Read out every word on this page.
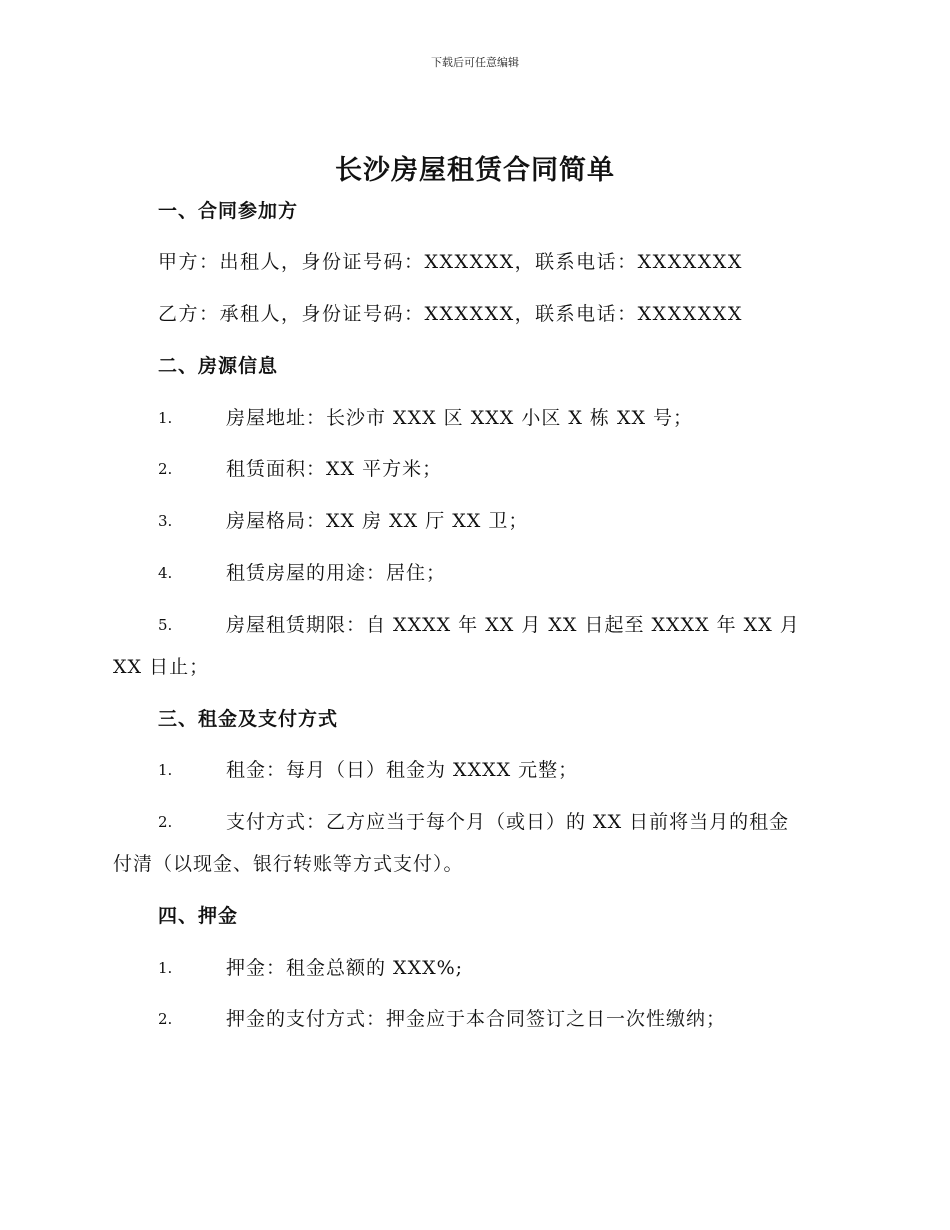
下载后可任意编辑
长沙房屋租赁合同简单
一、合同参加方
甲方：出租人，身份证号码：XXXXXX，联系电话：XXXXXXX
乙方：承租人，身份证号码：XXXXXX，联系电话：XXXXXXX
二、房源信息
1.	房屋地址：长沙市 XXX 区 XXX 小区 X 栋 XX 号；
2.	租赁面积：XX 平方米；
3.	房屋格局：XX 房 XX 厅 XX 卫；
4.	租赁房屋的用途：居住；
5.	房屋租赁期限：自 XXXX 年 XX 月 XX 日起至 XXXX 年 XX 月
XX 日止；
三、租金及支付方式
1.	租金：每月（日）租金为 XXXX 元整；
2.	支付方式：乙方应当于每个月（或日）的 XX 日前将当月的租金
付清（以现金、银行转账等方式支付）。
四、押金
1.	押金：租金总额的 XXX%;
2.	押金的支付方式：押金应于本合同签订之日一次性缴纳；
